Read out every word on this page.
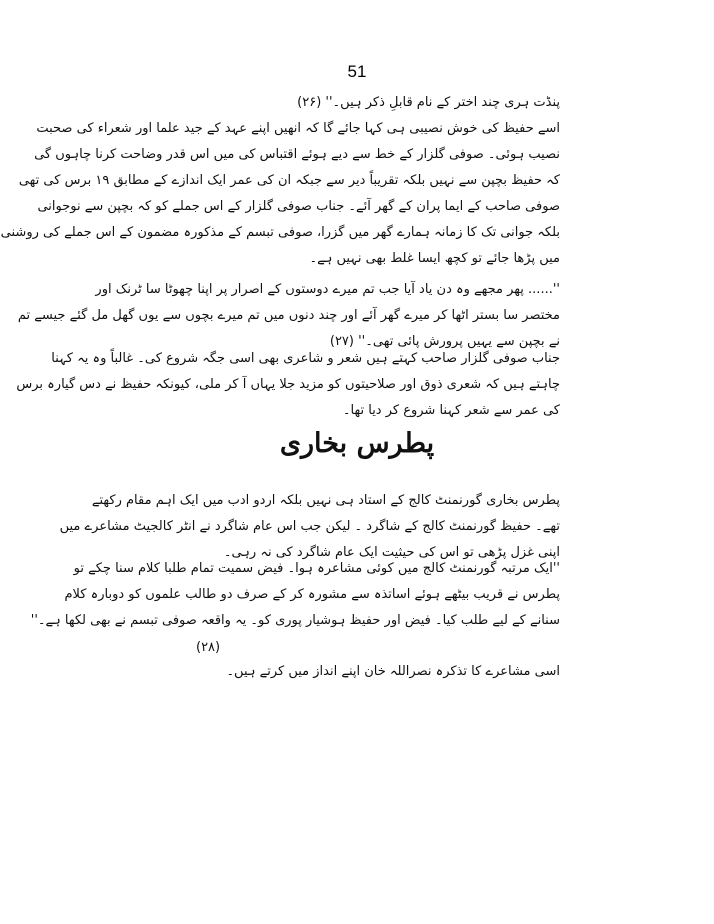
51
پنڈت ہری چند اختر کے نام قابلِ ذکر ہیں۔'' (۲۶)
اسے حفیظ کی خوش نصیبی ہی کہا جائے گا کہ انھیں اپنے عہد کے جید علما اور شعراء کی صحبت
نصیب ہوئی۔ صوفی گلزار کے خط سے دیے ہوئے اقتباس کی میں اس قدر وضاحت کرنا چاہوں گی
کہ حفیظ بچپن سے نہیں بلکہ تقریباً دیر سے جبکہ ان کی عمر ایک اندازے کے مطابق ۱۹ برس کی تھی
صوفی صاحب کے ایما پران کے گھر آئے۔ جناب صوفی گلزار کے اس جملے کو کہ بچپن سے نوجوانی
بلکہ جوانی تک کا زمانہ ہمارے گھر میں گزرا، صوفی تبسم کے مذکورہ مضمون کے اس جملے کی روشنی
میں پڑھا جائے تو کچھ ایسا غلط بھی نہیں ہے۔
''...... پھر مجھے وہ دن یاد آیا جب تم میرے دوستوں کے اصرار پر اپنا چھوٹا سا ٹرنک اور
مختصر سا بستر اٹھا کر میرے گھر آئے اور چند دنوں میں تم میرے بچوں سے یوں گھل مل گئے جیسے تم
نے بچپن سے یہیں پرورش پائی تھی۔'' (۲۷)
جناب صوفی گلزار صاحب کہتے ہیں شعر و شاعری بھی اسی جگہ شروع کی۔ غالباً وہ یہ کہنا
چاہتے ہیں کہ شعری ذوق اور صلاحیتوں کو مزید جلا یہاں آ کر ملی، کیونکہ حفیظ نے دس گیارہ برس
کی عمر سے شعر کہنا شروع کر دیا تھا۔
پطرس بخاری
پطرس بخاری گورنمنٹ کالج کے استاد ہی نہیں بلکہ اردو ادب میں ایک اہم مقام رکھتے
تھے۔ حفیظ گورنمنٹ کالج کے شاگرد ۔ لیکن جب اس عام شاگرد نے انٹر کالجیٹ مشاعرے میں
اپنی غزل پڑھی تو اس کی حیثیت ایک عام شاگرد کی نہ رہی۔
''ایک مرتبہ گورنمنٹ کالج میں کوئی مشاعرہ ہوا۔ فیض سمیت تمام طلبا کلام سنا چکے تو
پطرس نے قریب بیٹھے ہوئے اساتذہ سے مشورہ کر کے صرف دو طالب علموں کو دوبارہ کلام
سنانے کے لیے طلب کیا۔ فیض اور حفیظ ہوشیار پوری کو۔ یہ واقعہ صوفی تبسم نے بھی لکھا ہے۔''
(۲۸)
اسی مشاعرے کا تذکرہ نصراللہ خان اپنے انداز میں کرتے ہیں۔
